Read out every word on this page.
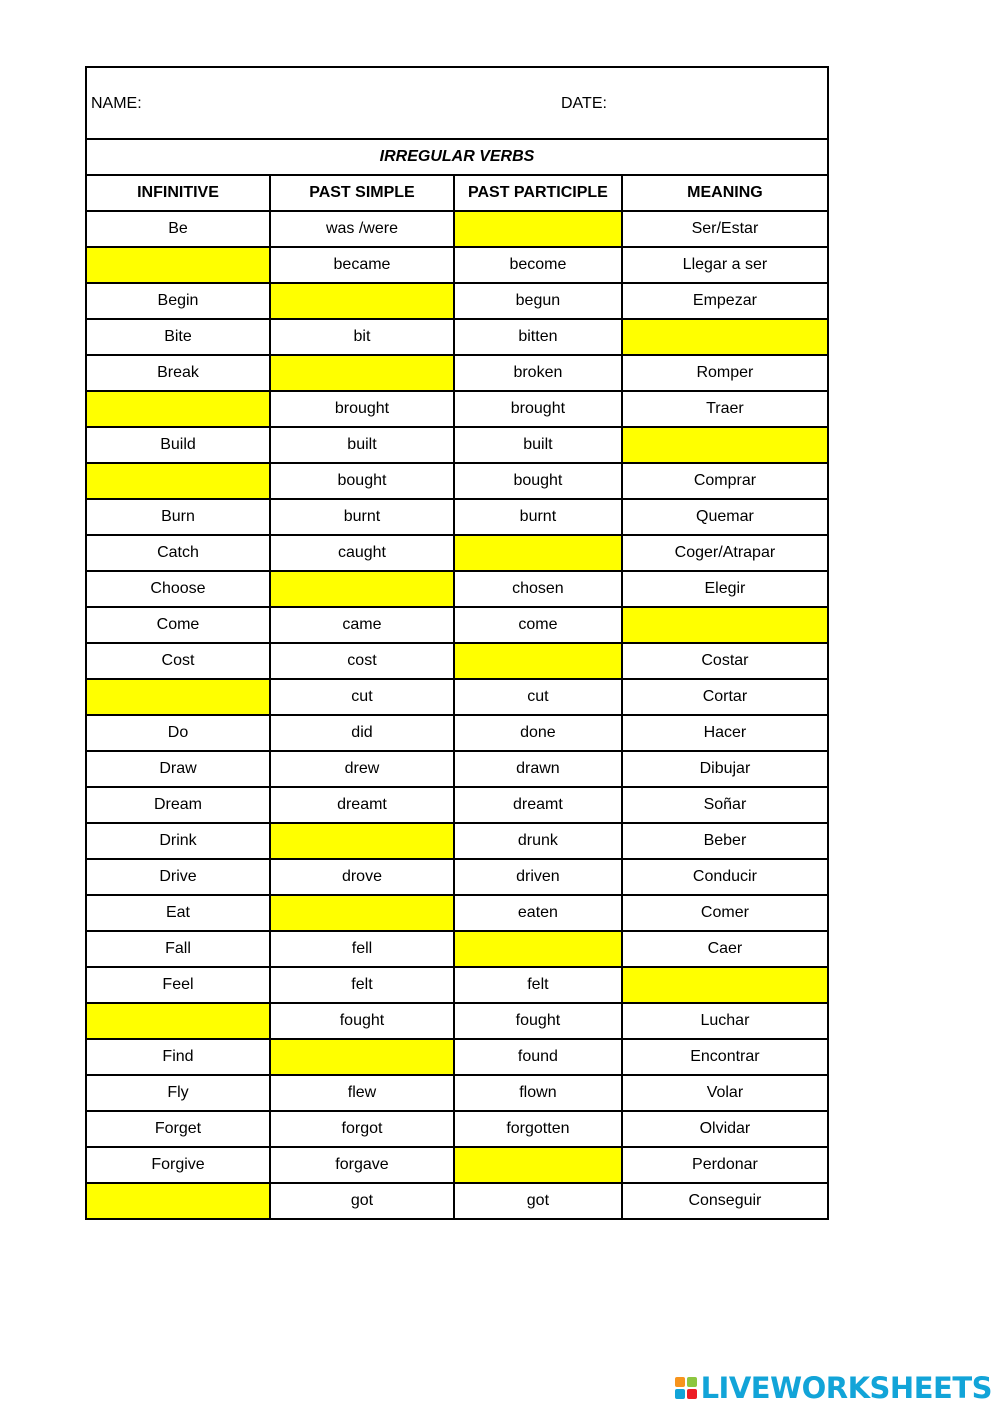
NAME: DATE:			

IRREGULAR VERBS			
INFINITIVE	PAST SIMPLE	PAST PARTICIPLE	MEANING
Be	was /were		Ser/Estar
	became	become	Llegar a ser
Begin		begun	Empezar
Bite	bit	bitten	
Break		broken	Romper
	brought	brought	Traer
Build	built	built	
	bought	bought	Comprar
Burn	burnt	burnt	Quemar
Catch	caught		Coger/Atrapar
Choose		chosen	Elegir
Come	came	come	
Cost	cost		Costar
	cut	cut	Cortar
Do	did	done	Hacer
Draw	drew	drawn	Dibujar
Dream	dreamt	dreamt	Soñar
Drink		drunk	Beber
Drive	drove	driven	Conducir
Eat		eaten	Comer
Fall	fell		Caer
Feel	felt	felt	
	fought	fought	Luchar
Find		found	Encontrar
Fly	flew	flown	Volar
Forget	forgot	forgotten	Olvidar
Forgive	forgave		Perdonar
	got	got	Conseguir
LIVEWORKSHEETS
